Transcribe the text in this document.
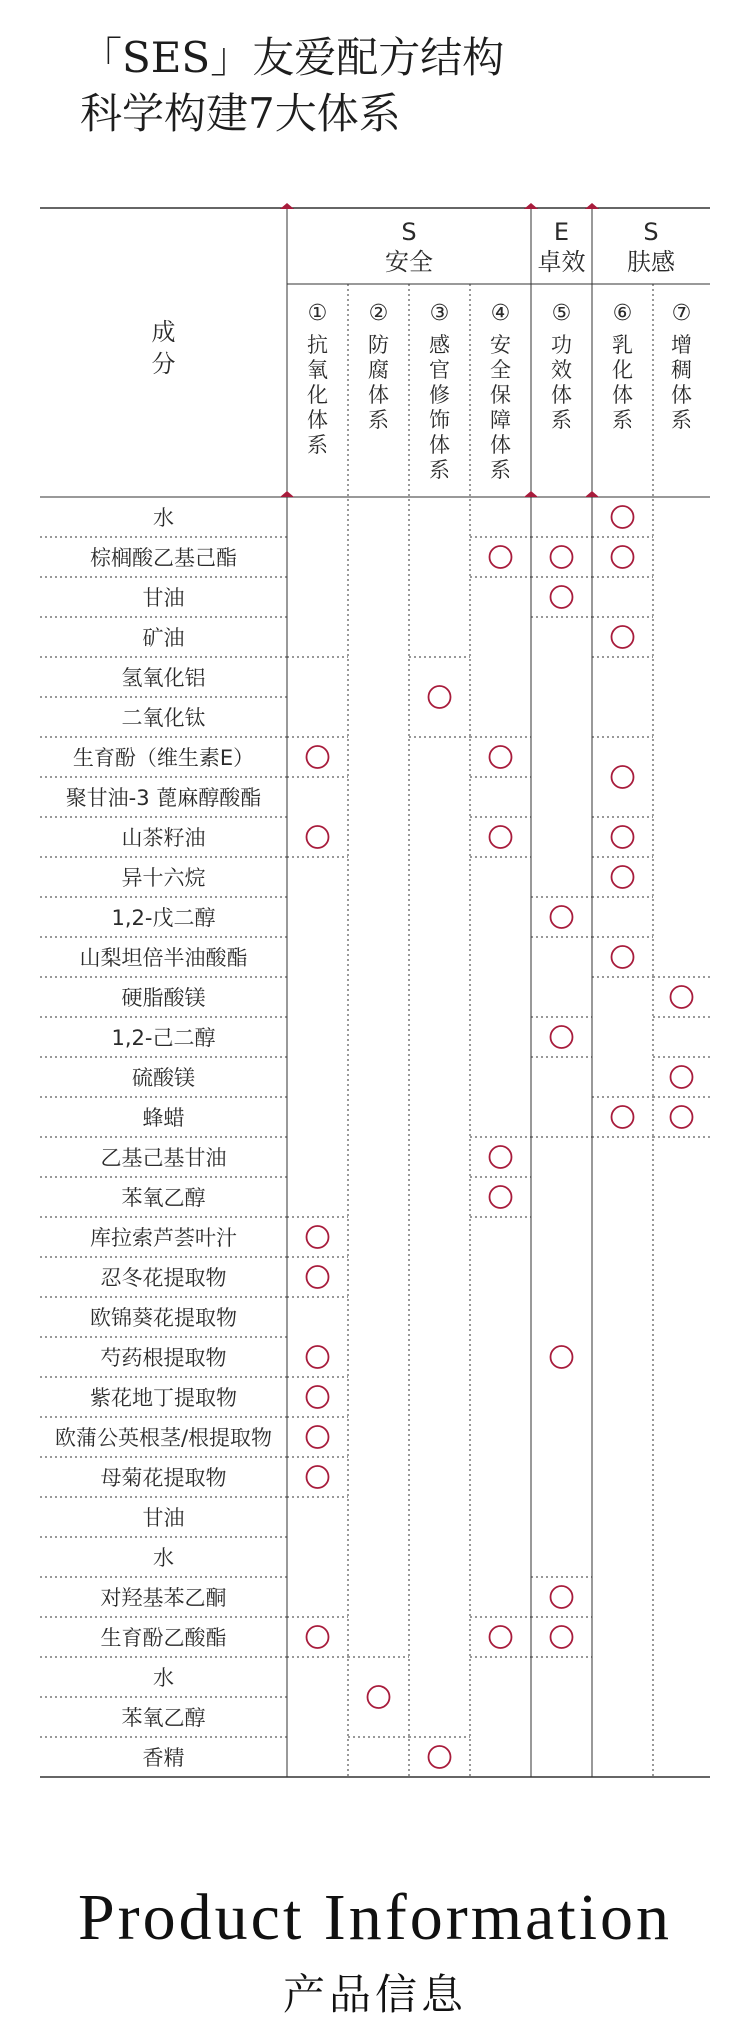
「SES」友爱配方结构
科学构建7大体系
成
分
S
安全
E
卓效
S
肤感
①
抗
氧
化
体
系
②
防
腐
体
系
③
感
官
修
饰
体
系
④
安
全
保
障
体
系
⑤
功
效
体
系
⑥
乳
化
体
系
⑦
增
稠
体
系
水
棕榈酸乙基己酯
甘油
矿油
氢氧化铝
二氧化钛
生育酚（维生素E）
聚甘油-3 蓖麻醇酸酯
山茶籽油
异十六烷
1,2-戊二醇
山梨坦倍半油酸酯
硬脂酸镁
1,2-己二醇
硫酸镁
蜂蜡
乙基己基甘油
苯氧乙醇
库拉索芦荟叶汁
忍冬花提取物
欧锦葵花提取物
芍药根提取物
紫花地丁提取物
欧蒲公英根茎/根提取物
母菊花提取物
甘油
水
对羟基苯乙酮
生育酚乙酸酯
水
苯氧乙醇
香精
Product Information
产品信息
